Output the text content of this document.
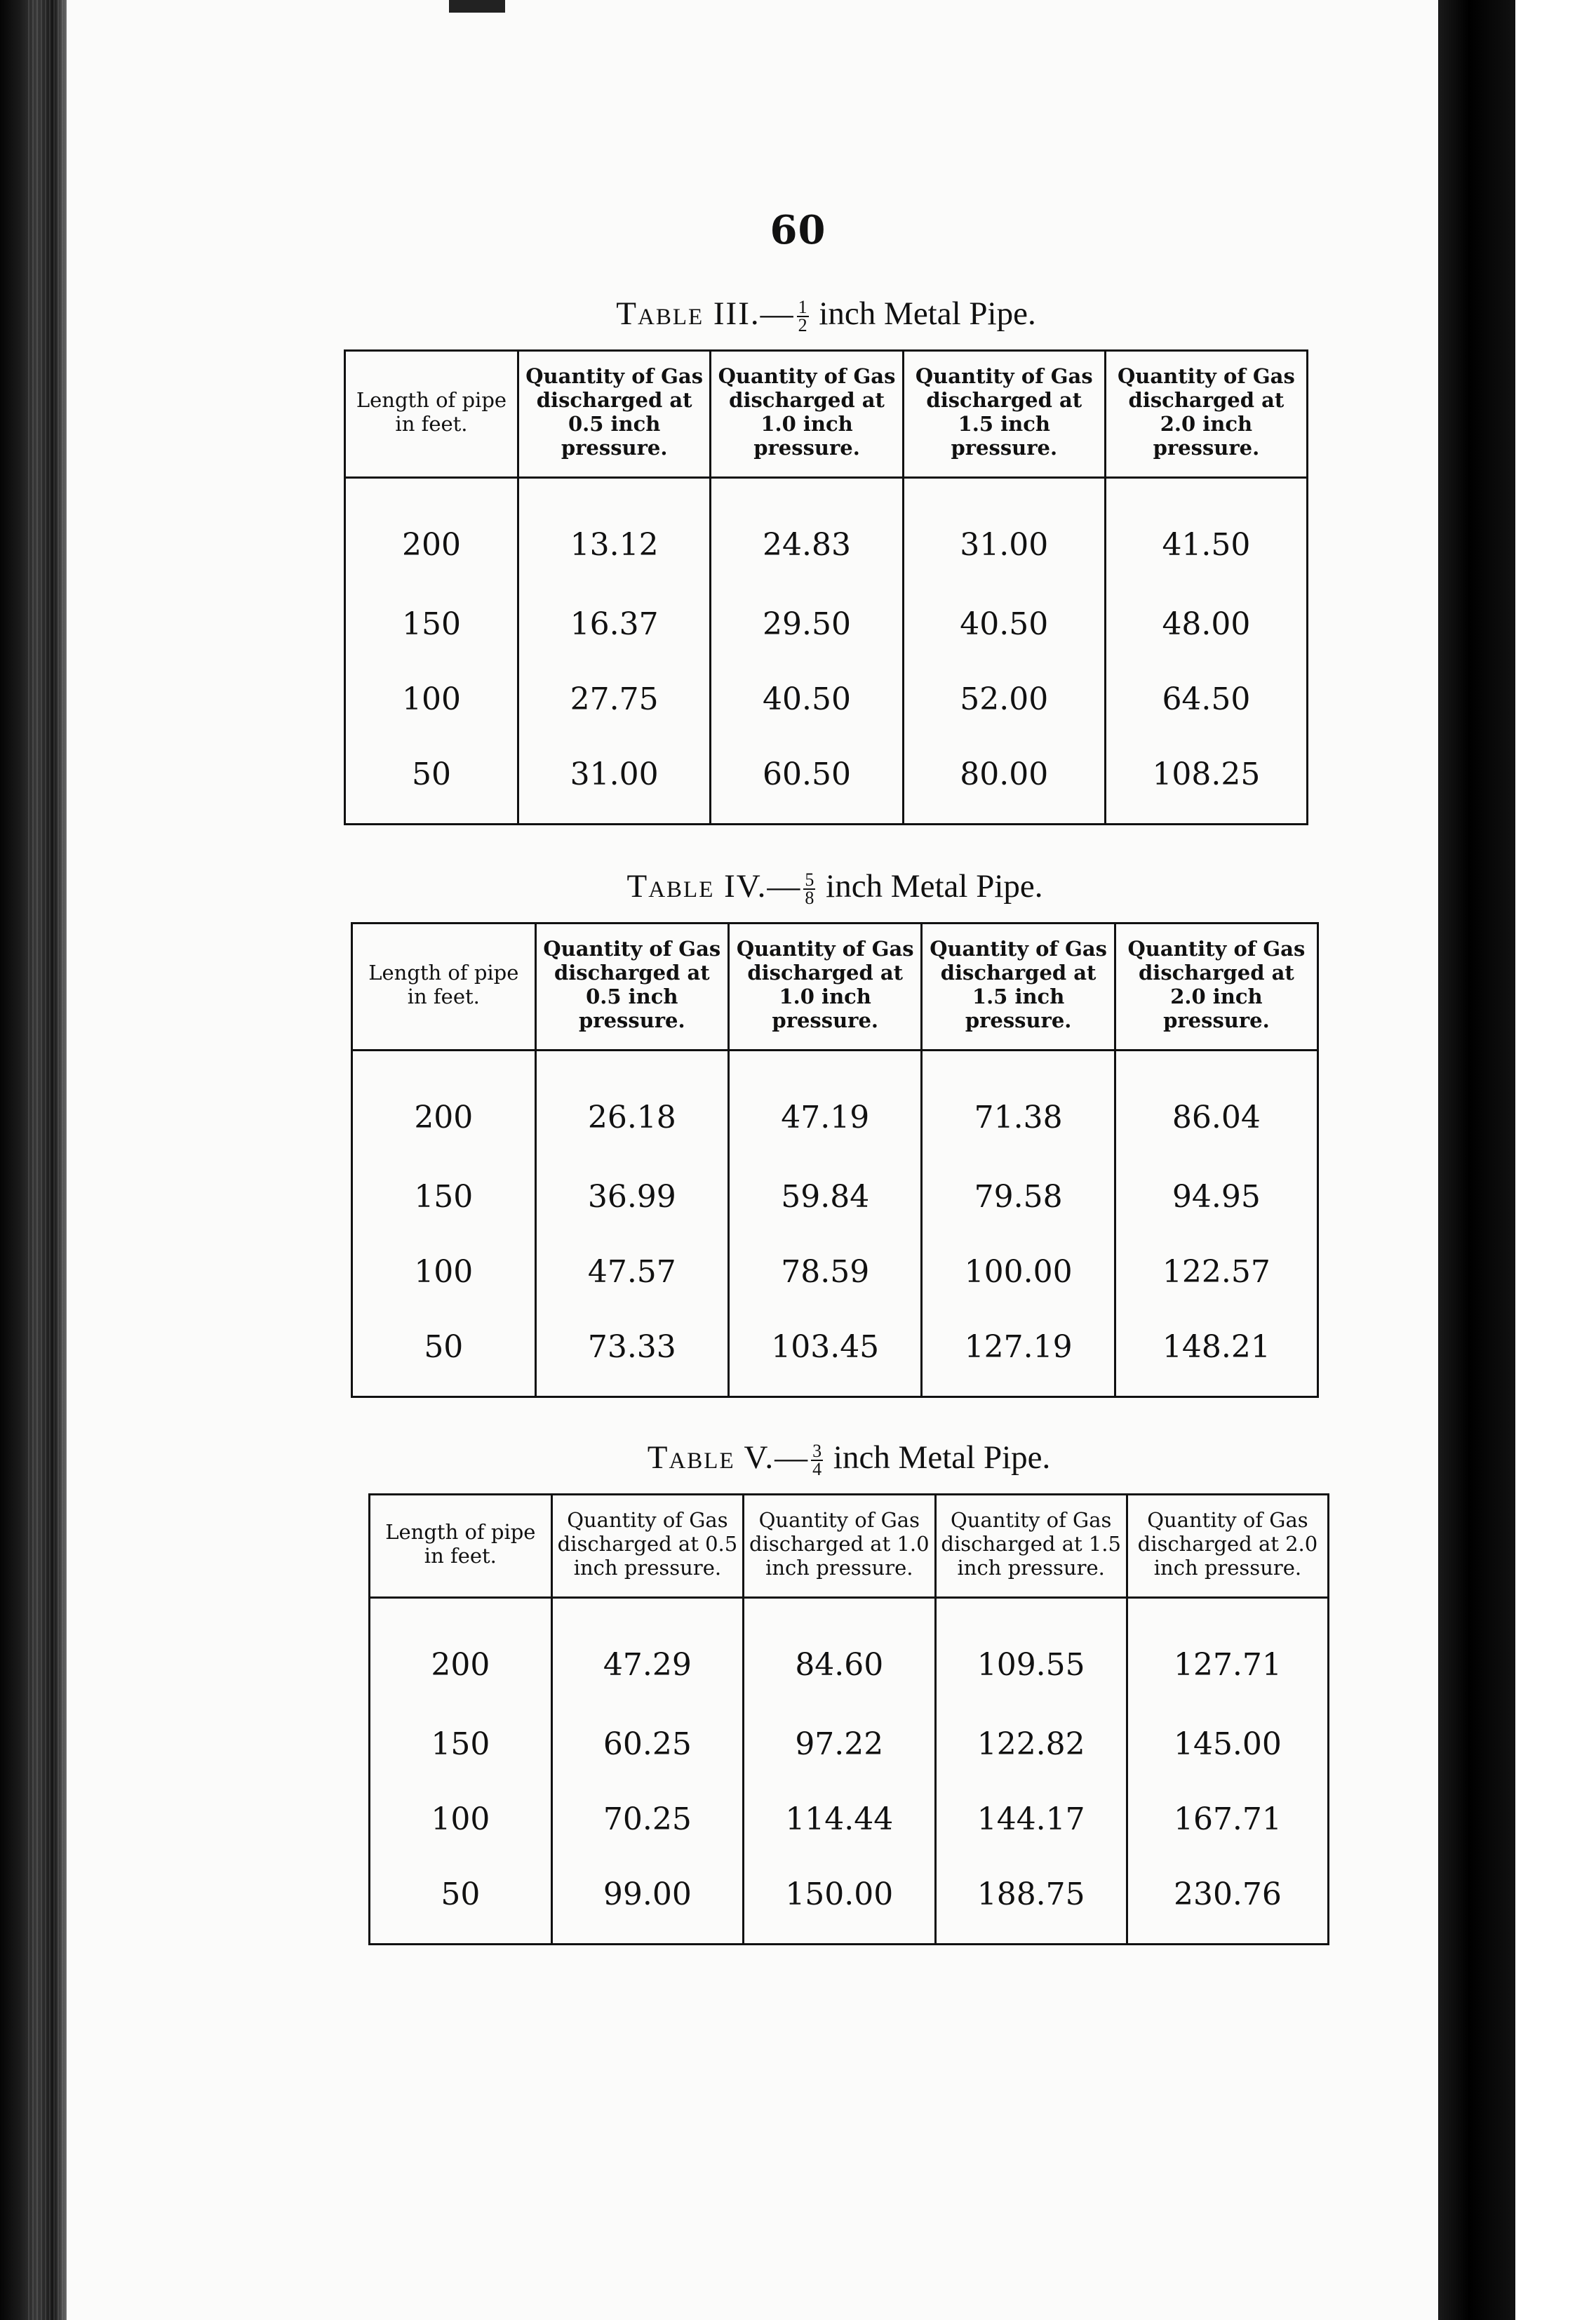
60
Table III.— $\frac{1}{2}$ inch Metal Pipe.
Length of pipe in feet.	Quantity of Gas discharged at 0.5 inch pressure.	Quantity of Gas discharged at 1.0 inch pressure.	Quantity of Gas discharged at 1.5 inch pressure.	Quantity of Gas discharged at 2.0 inch pressure.
200	13.12	24.83	31.00	41.50
150	16.37	29.50	40.50	48.00
100	27.75	40.50	52.00	64.50
50	31.00	60.50	80.00	108.25
Table IV.— $\frac{5}{8}$ inch Metal Pipe.
Length of pipe in feet.	Quantity of Gas discharged at 0.5 inch pressure.	Quantity of Gas discharged at 1.0 inch pressure.	Quantity of Gas discharged at 1.5 inch pressure.	Quantity of Gas discharged at 2.0 inch pressure.
200	26.18	47.19	71.38	86.04
150	36.99	59.84	79.58	94.95
100	47.57	78.59	100.00	122.57
50	73.33	103.45	127.19	148.21
Table V.— $\frac{3}{4}$ inch Metal Pipe.
Length of pipe in feet.	Quantity of Gas discharged at 0.5 inch pressure.	Quantity of Gas discharged at 1.0 inch pressure.	Quantity of Gas discharged at 1.5 inch pressure.	Quantity of Gas discharged at 2.0 inch pressure.
200	47.29	84.60	109.55	127.71
150	60.25	97.22	122.82	145.00
100	70.25	114.44	144.17	167.71
50	99.00	150.00	188.75	230.76
